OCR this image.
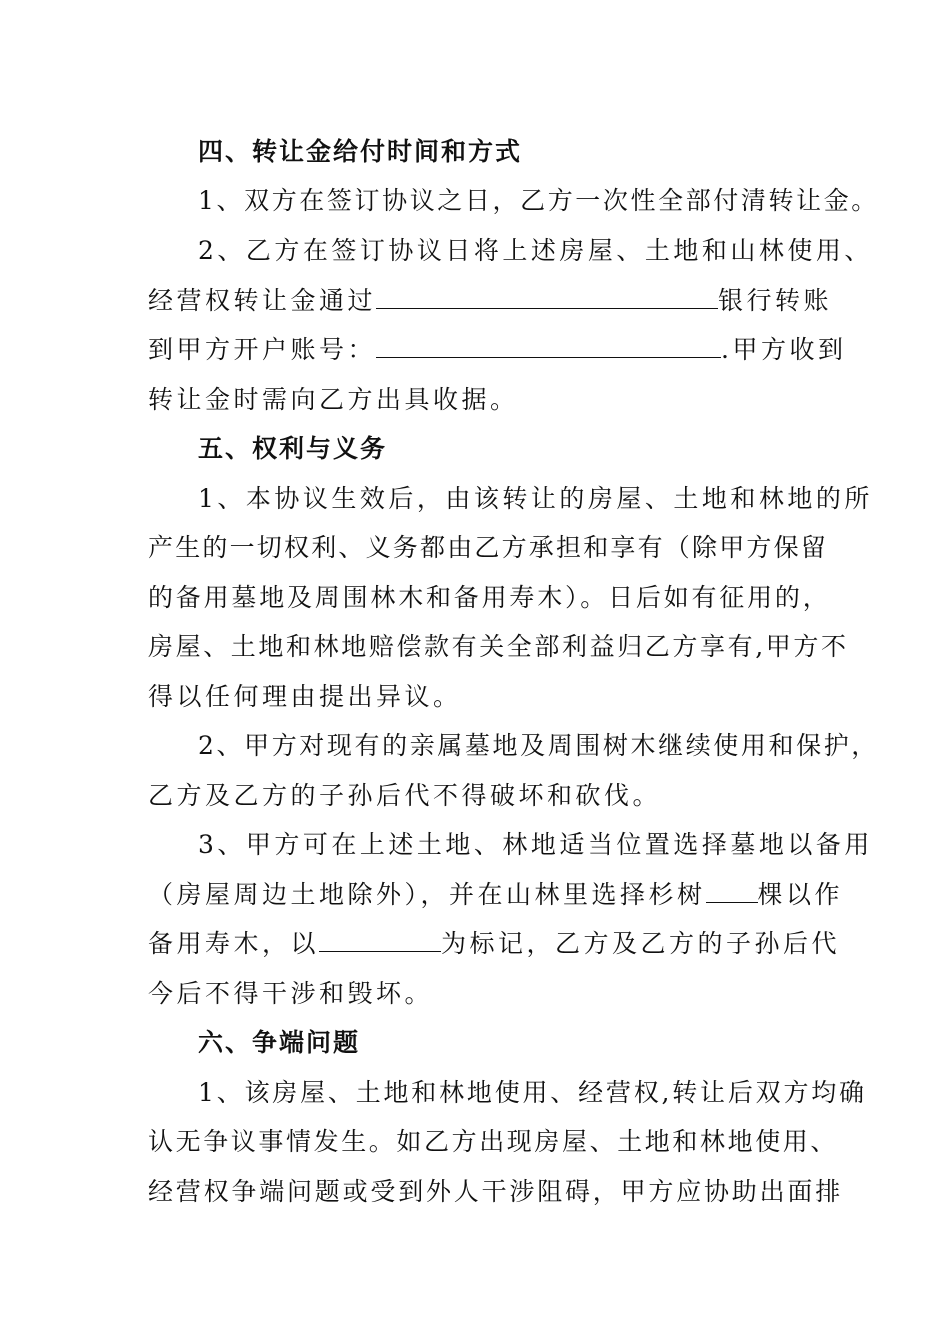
四、转让金给付时间和方式
1、双方在签订协议之日，乙方一次性全部付清转让金。
2、乙方在签订协议日将上述房屋、土地和山林使用、
经营权转让金通过	银行转账
到甲方开户账号：	.甲方收到
转让金时需向乙方出具收据。
五、权利与义务
1、本协议生效后，由该转让的房屋、土地和林地的所
产生的一切权利、义务都由乙方承担和享有（除甲方保留
的备用墓地及周围林木和备用寿木）。日后如有征用的，
房屋、土地和林地赔偿款有关全部利益归乙方享有,甲方不
得以任何理由提出异议。
2、甲方对现有的亲属墓地及周围树木继续使用和保护，
乙方及乙方的子孙后代不得破坏和砍伐。
3、甲方可在上述土地、林地适当位置选择墓地以备用
（房屋周边土地除外），并在山林里选择杉树 棵以作
备用寿木，以	为标记，乙方及乙方的子孙后代
今后不得干涉和毁坏。
六、争端问题
1、该房屋、土地和林地使用、经营权,转让后双方均确
认无争议事情发生。如乙方出现房屋、土地和林地使用、
经营权争端问题或受到外人干涉阻碍，甲方应协助出面排
